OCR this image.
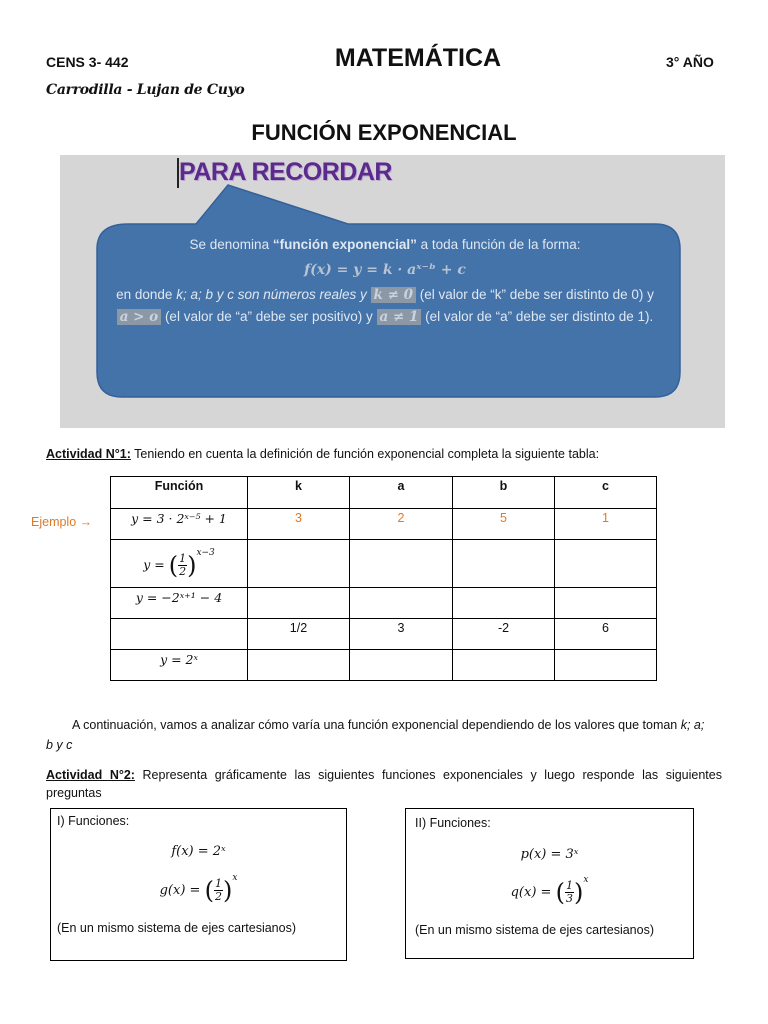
CENS 3- 442	MATEMÁTICA	3° AÑO
Carrodilla - Lujan de Cuyo
FUNCIÓN EXPONENCIAL
PARA RECORDAR
Se denomina “función exponencial” a toda función de la forma:
f(x) = y = k · aˣ⁻ᵇ + c
en donde k; a; b y c son números reales y k ≠ 0 (el valor de “k” debe ser distinto de 0) y a > o (el valor de “a” debe ser positivo) y a ≠ 1 (el valor de “a” debe ser distinto de 1).
Actividad N°1: Teniendo en cuenta la definición de función exponencial completa la siguiente tabla:
Ejemplo →
Función	k	a	b	c
y = 3 · 2ˣ⁻⁵ + 1	3	2	5	1
y = ( $\frac{1}{2} )^{x-3}$				
y = −2ˣ⁺¹ − 4				
	1/2	3	-2	6
y = 2ˣ				
A continuación, vamos a analizar cómo varía una función exponencial dependiendo de los valores que toman k; a; b y c
Actividad N°2: Representa gráficamente las siguientes funciones exponenciales y luego responde las siguientes preguntas
I) Funciones:
f(x) = 2ˣ
g(x) = ( $\frac{1}{2} )^x$
(En un mismo sistema de ejes cartesianos)
II) Funciones:
p(x) = 3ˣ
q(x) = ( $\frac{1}{3} )^x$
(En un mismo sistema de ejes cartesianos)
